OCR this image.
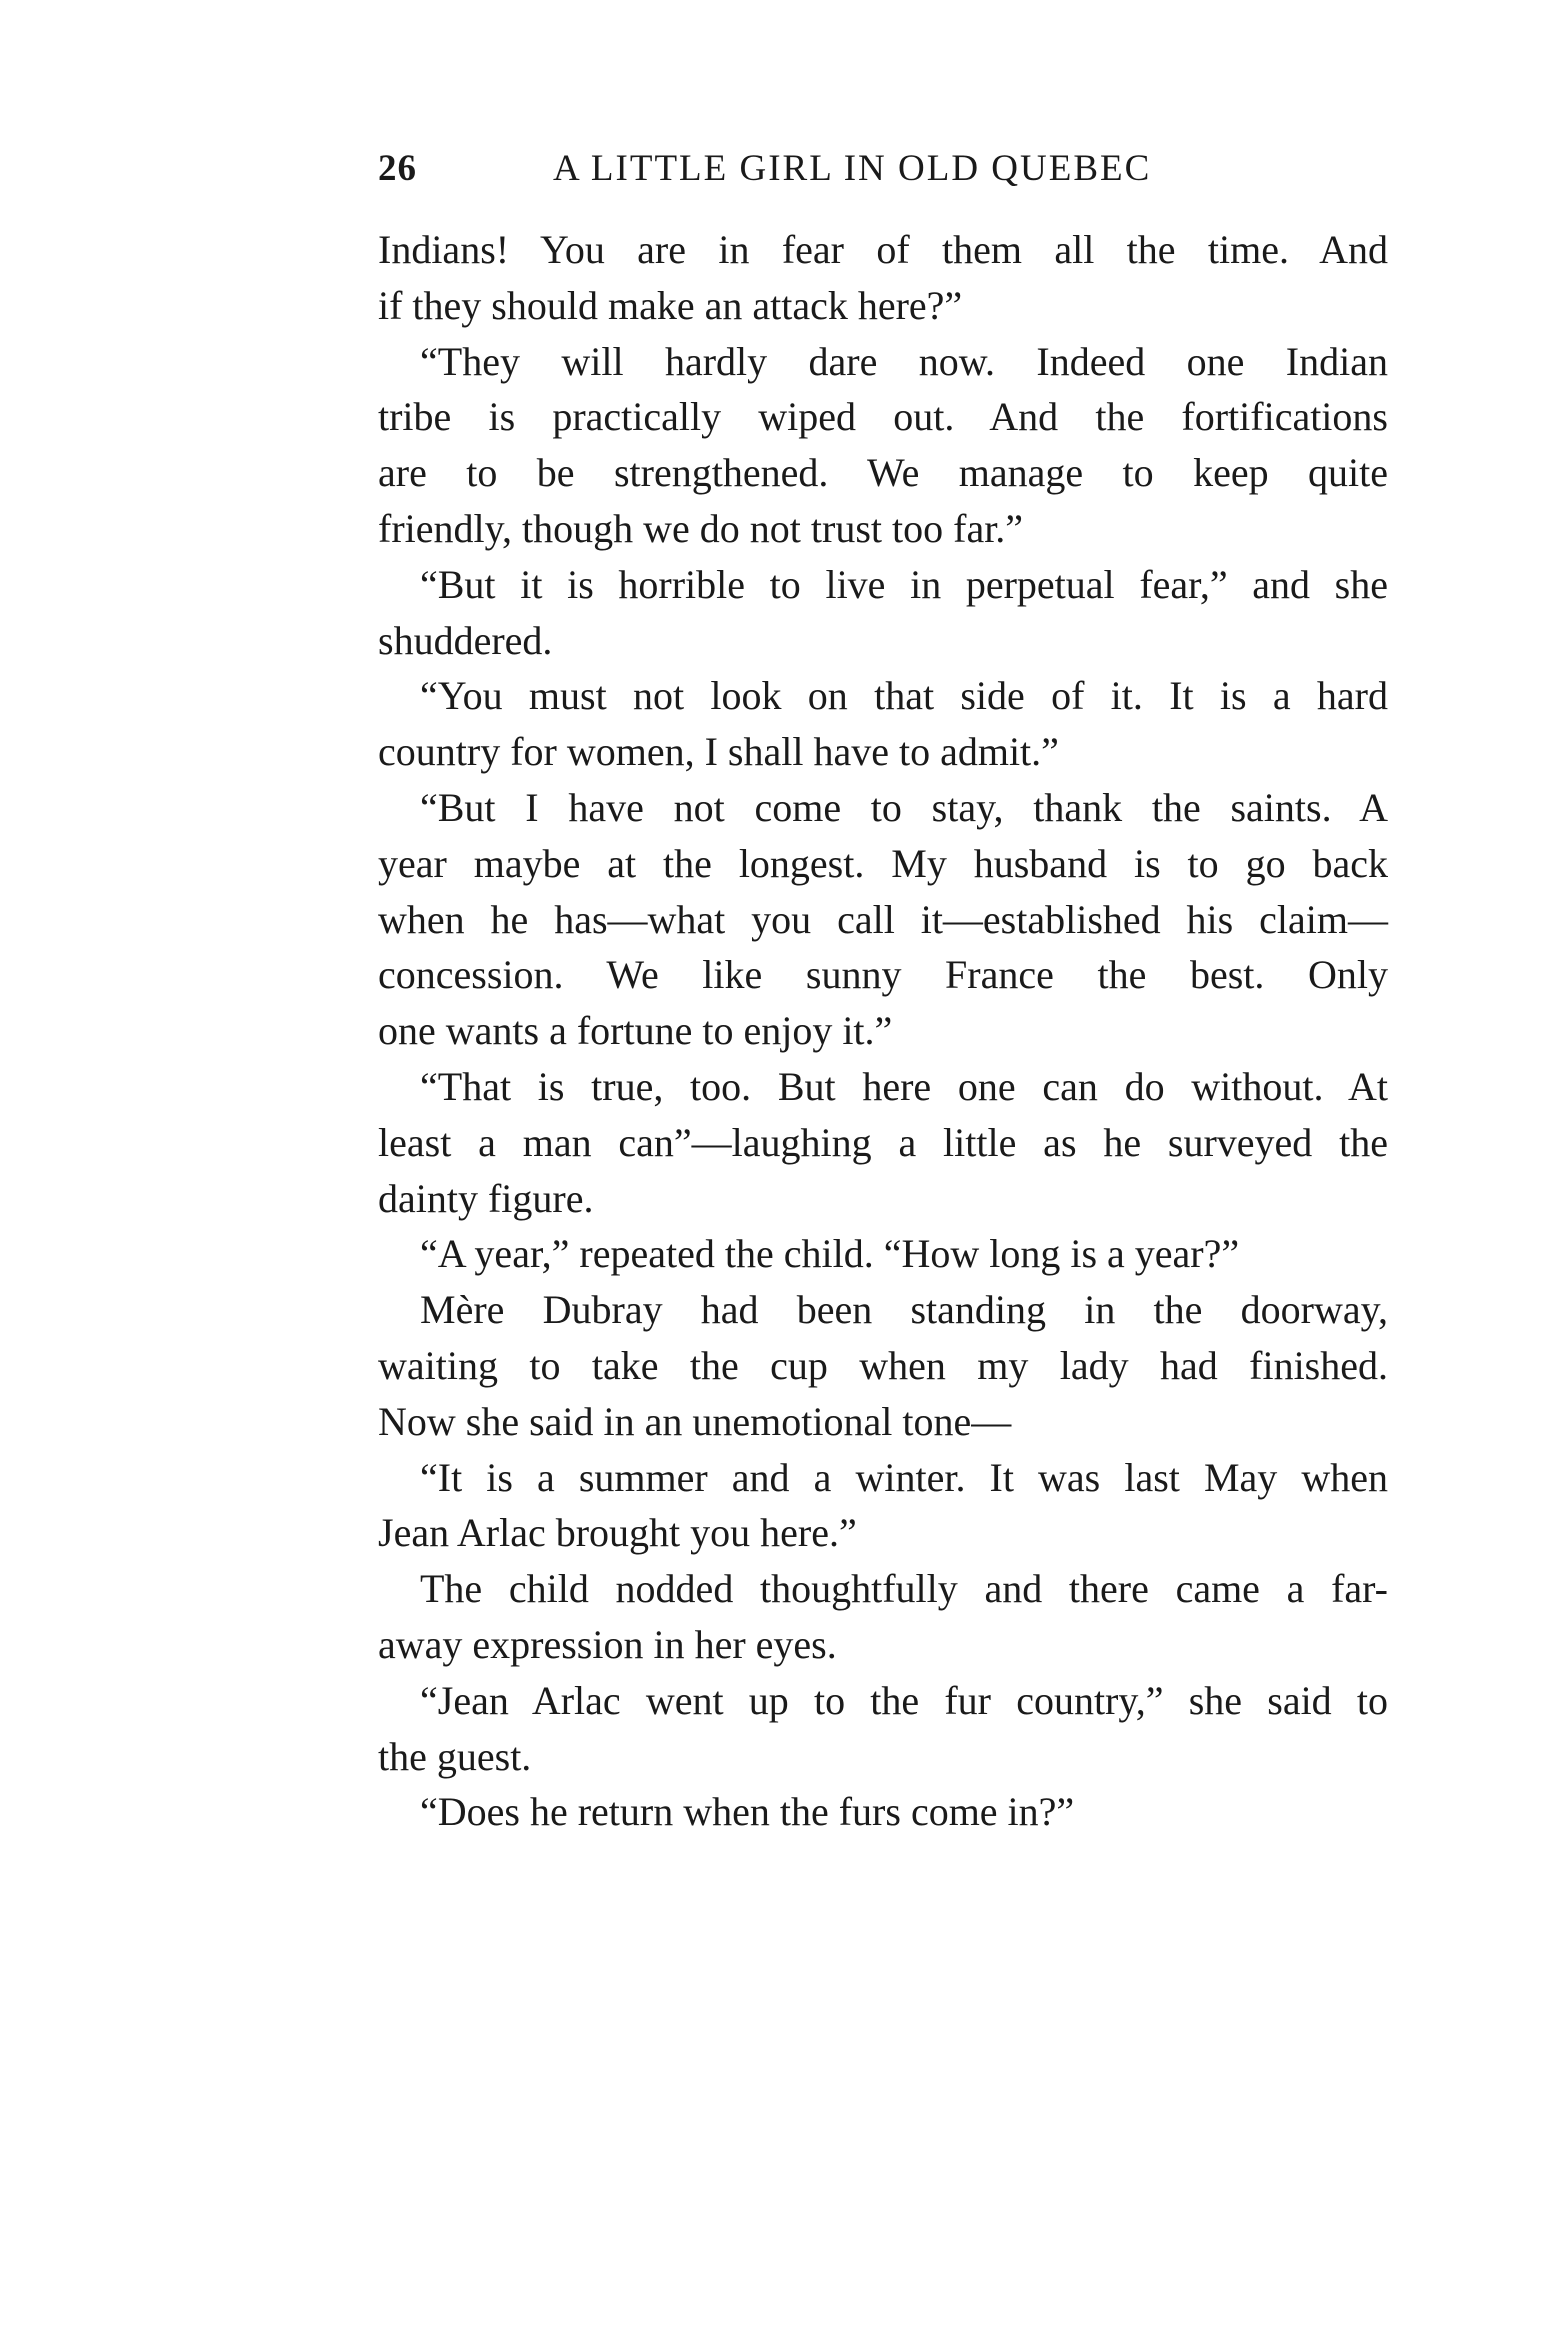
26	A LITTLE GIRL IN OLD QUEBEC
Indians! You are in fear of them all the time. And
if they should make an attack here?”
“They will hardly dare now. Indeed one Indian
tribe is practically wiped out. And the fortifications
are to be strengthened. We manage to keep quite
friendly, though we do not trust too far.”
“But it is horrible to live in perpetual fear,” and she
shuddered.
“You must not look on that side of it. It is a hard
country for women, I shall have to admit.”
“But I have not come to stay, thank the saints. A
year maybe at the longest. My husband is to go back
when he has—what you call it—established his claim—
concession. We like sunny France the best. Only
one wants a fortune to enjoy it.”
“That is true, too. But here one can do without. At
least a man can”—laughing a little as he surveyed the
dainty figure.
“A year,” repeated the child. “How long is a year?”
Mère Dubray had been standing in the doorway,
waiting to take the cup when my lady had finished.
Now she said in an unemotional tone—
“It is a summer and a winter. It was last May when
Jean Arlac brought you here.”
The child nodded thoughtfully and there came a far-
away expression in her eyes.
“Jean Arlac went up to the fur country,” she said to
the guest.
“Does he return when the furs come in?”
